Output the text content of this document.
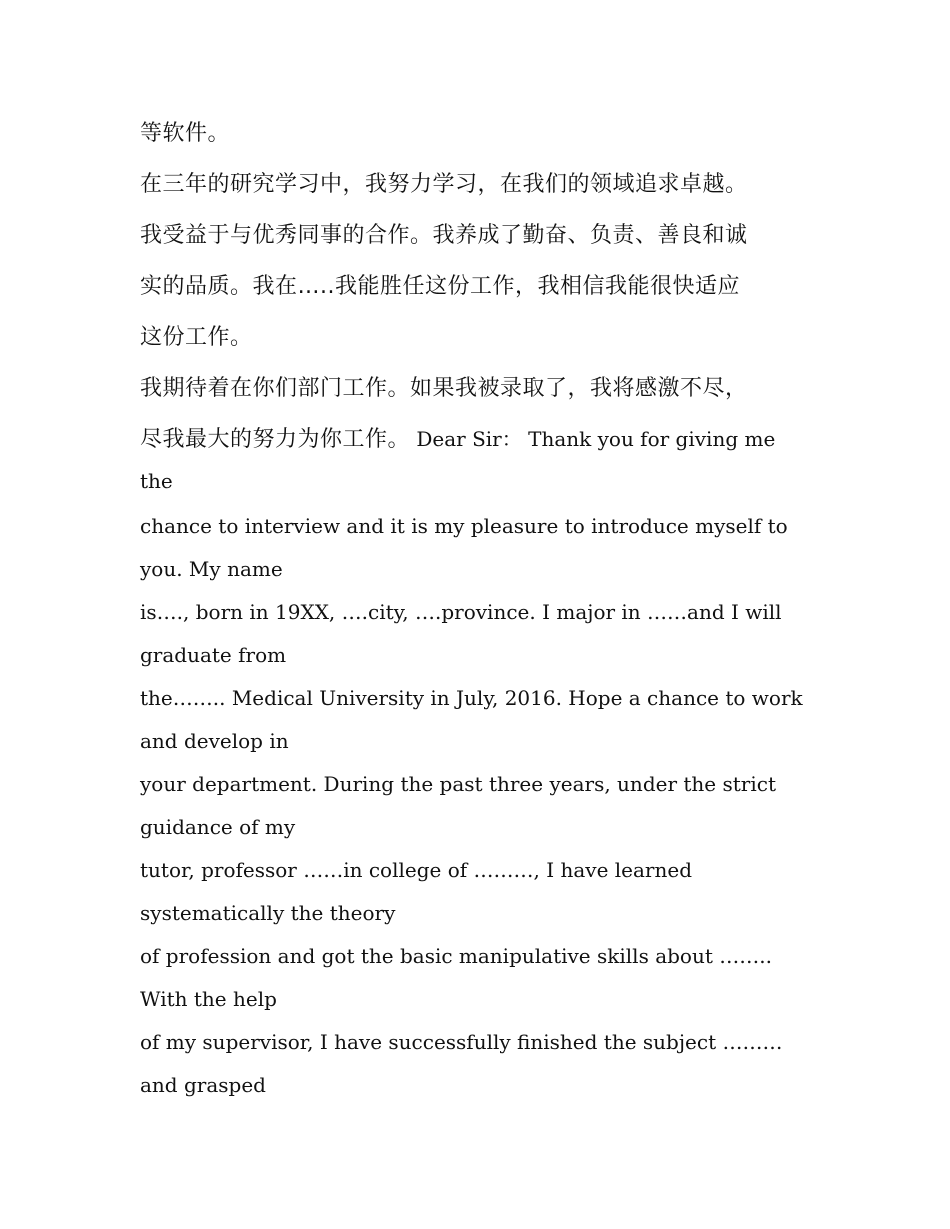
等软件。
在三年的研究学习中，我努力学习，在我们的领域追求卓越。
我受益于与优秀同事的合作。我养成了勤奋、负责、善良和诚
实的品质。我在…..我能胜任这份工作，我相信我能很快适应
这份工作。
我期待着在你们部门工作。如果我被录取了，我将感激不尽，
尽我最大的努力为你工作。 Dear Sir： Thank you for giving me
the
chance to interview and it is my pleasure to introduce myself to
you. My name
is…., born in 19XX, ….city, ….province. I major in ……and I will
graduate from
the…….. Medical University in July, 2016. Hope a chance to work
and develop in
your department. During the past three years, under the strict
guidance of my
tutor, professor ……in college of ………, I have learned
systematically the theory
of profession and got the basic manipulative skills about ……..
With the help
of my supervisor, I have successfully finished the subject ………
and grasped
